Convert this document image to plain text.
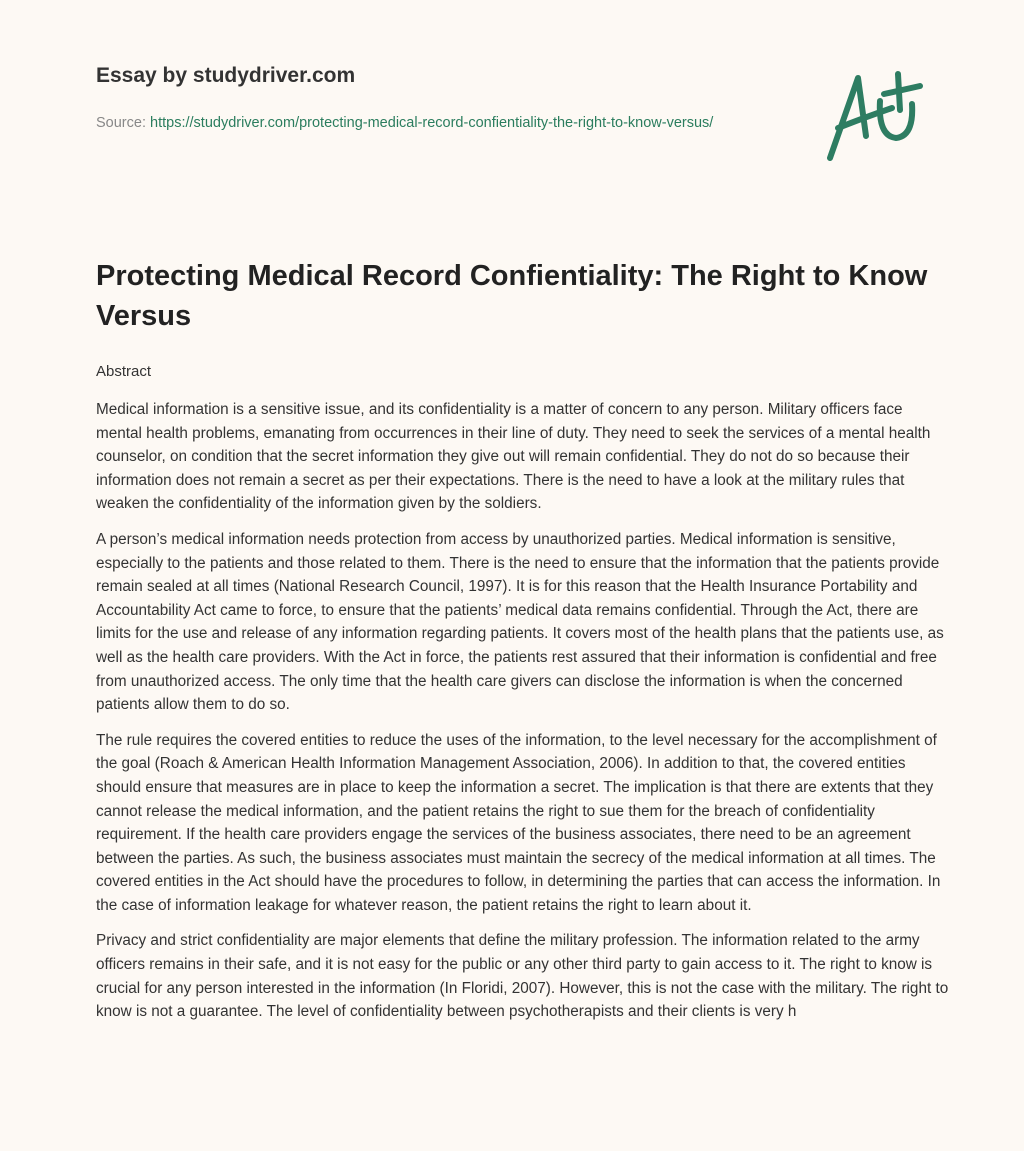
Essay by studydriver.com
Source: https://studydriver.com/protecting-medical-record-confientiality-the-right-to-know-versus/
Protecting Medical Record Confientiality: The Right to Know Versus
Abstract

Medical information is a sensitive issue, and its confidentiality is a matter of concern to any person. Military officers face mental health problems, emanating from occurrences in their line of duty. They need to seek the services of a mental health counselor, on condition that the secret information they give out will remain confidential. They do not do so because their information does not remain a secret as per their expectations. There is the need to have a look at the military rules that weaken the confidentiality of the information given by the soldiers.

A person’s medical information needs protection from access by unauthorized parties. Medical information is sensitive, especially to the patients and those related to them. There is the need to ensure that the information that the patients provide remain sealed at all times (National Research Council, 1997). It is for this reason that the Health Insurance Portability and Accountability Act came to force, to ensure that the patients’ medical data remains confidential. Through the Act, there are limits for the use and release of any information regarding patients. It covers most of the health plans that the patients use, as well as the health care providers. With the Act in force, the patients rest assured that their information is confidential and free from unauthorized access. The only time that the health care givers can disclose the information is when the concerned patients allow them to do so.

The rule requires the covered entities to reduce the uses of the information, to the level necessary for the accomplishment of the goal (Roach & American Health Information Management Association, 2006). In addition to that, the covered entities should ensure that measures are in place to keep the information a secret. The implication is that there are extents that they cannot release the medical information, and the patient retains the right to sue them for the breach of confidentiality requirement. If the health care providers engage the services of the business associates, there need to be an agreement between the parties. As such, the business associates must maintain the secrecy of the medical information at all times. The covered entities in the Act should have the procedures to follow, in determining the parties that can access the information. In the case of information leakage for whatever reason, the patient retains the right to learn about it.

Privacy and strict confidentiality are major elements that define the military profession. The information related to the army officers remains in their safe, and it is not easy for the public or any other third party to gain access to it. The right to know is crucial for any person interested in the information (In Floridi, 2007). However, this is not the case with the military. The right to know is not a guarantee. The level of confidentiality between psychotherapists and their clients is very h
